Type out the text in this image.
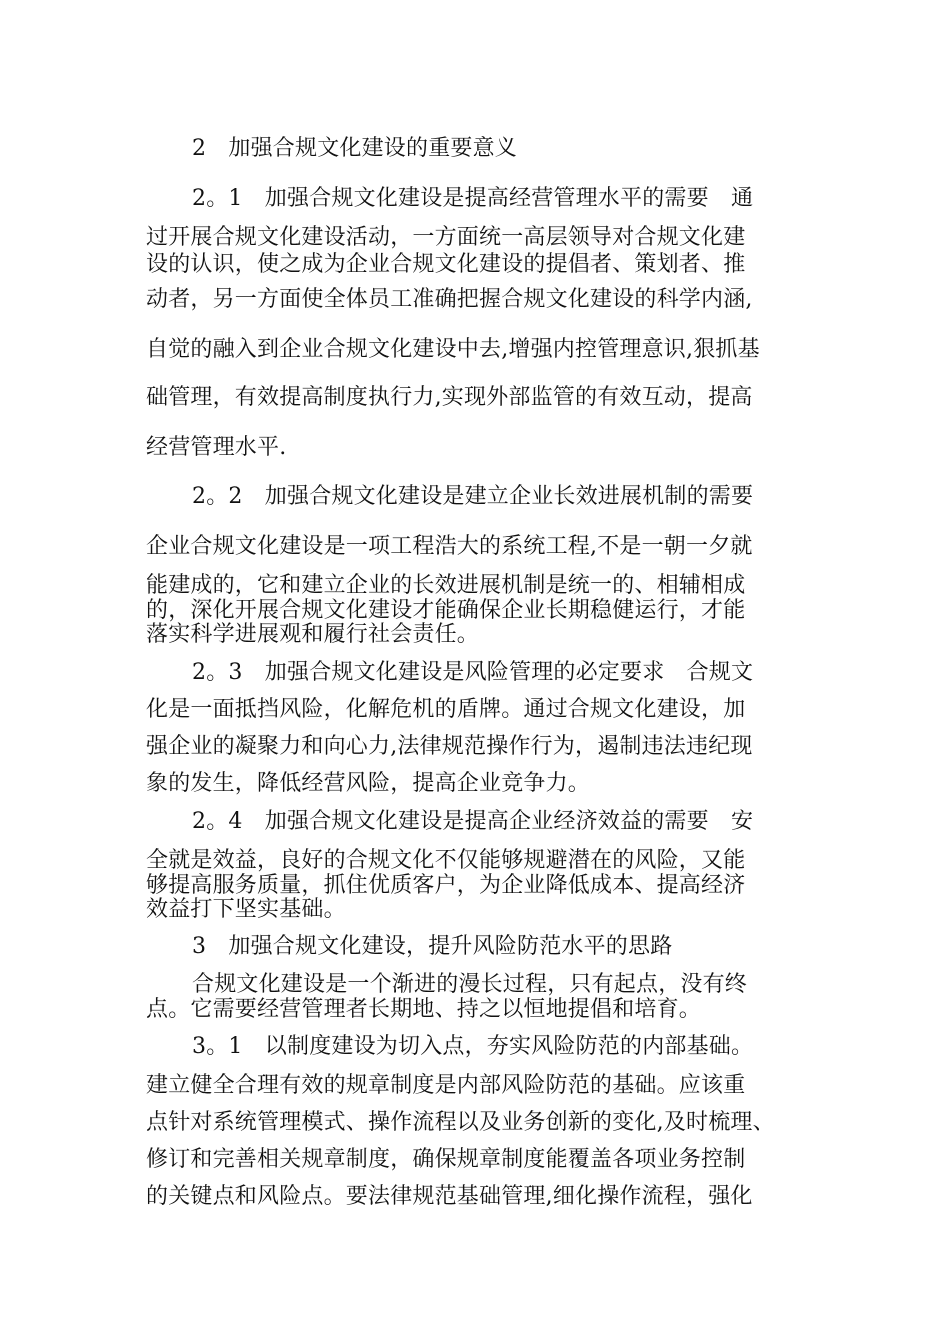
2　加强合规文化建设的重要意义
2。1　加强合规文化建设是提高经营管理水平的需要　通
过开展合规文化建设活动，一方面统一高层领导对合规文化建
设的认识，使之成为企业合规文化建设的提倡者、策划者、推
动者，另一方面使全体员工准确把握合规文化建设的科学内涵,
自觉的融入到企业合规文化建设中去,增强内控管理意识,狠抓基
础管理，有效提高制度执行力,实现外部监管的有效互动，提高
经营管理水平.
2。2　加强合规文化建设是建立企业长效进展机制的需要
企业合规文化建设是一项工程浩大的系统工程,不是一朝一夕就
能建成的，它和建立企业的长效进展机制是统一的、相辅相成
的，深化开展合规文化建设才能确保企业长期稳健运行，才能
落实科学进展观和履行社会责任。
2。3　加强合规文化建设是风险管理的必定要求　合规文
化是一面抵挡风险，化解危机的盾牌。通过合规文化建设，加
强企业的凝聚力和向心力,法律规范操作行为，遏制违法违纪现
象的发生，降低经营风险，提高企业竞争力。
2。4　加强合规文化建设是提高企业经济效益的需要　安
全就是效益，良好的合规文化不仅能够规避潜在的风险，又能
够提高服务质量，抓住优质客户，为企业降低成本、提高经济
效益打下坚实基础。
3　加强合规文化建设，提升风险防范水平的思路
合规文化建设是一个渐进的漫长过程，只有起点，没有终
点。它需要经营管理者长期地、持之以恒地提倡和培育。
3。1　以制度建设为切入点，夯实风险防范的内部基础。
建立健全合理有效的规章制度是内部风险防范的基础。应该重
点针对系统管理模式、操作流程以及业务创新的变化,及时梳理、
修订和完善相关规章制度，确保规章制度能覆盖各项业务控制
的关键点和风险点。要法律规范基础管理,细化操作流程，强化
